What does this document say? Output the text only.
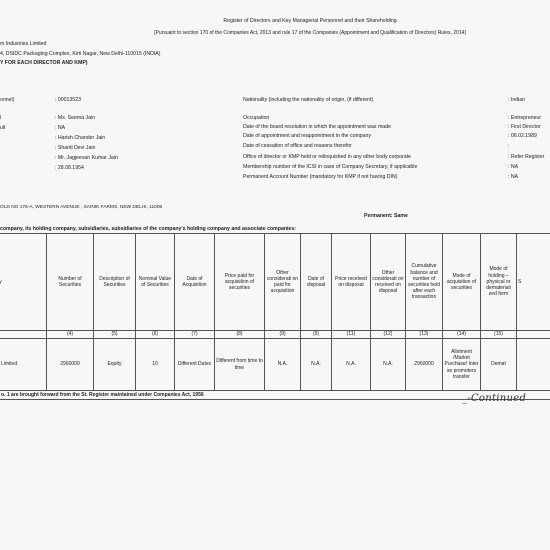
Register of Directors and Key Managerial Personnel and their Shareholding
[Pursuant to section 170 of the Companies Act, 2013 and rule 17 of the Companies (Appointment and Qualification of Directors) Rules, 2014]
m Industries Limited
4, DSIDC Packaging Complex, Kirti Nagar, New Delhi-110015 (INDIA)
Y FOR EACH DIRECTOR AND KMP)
onnel)	: 00013523
l	: Ms. Seema Jain
ull	: NA
: Harish Chander Jain
: Shanti Devi Jain
: Mr. Jagjeevan Kumar Jain
: 28.08.1954
Nationality (including the nationality of origin, (if different)	: Indian
Occupation	: Entrepreneur
Date of the board resolution in which the appointment was made	: First Director
Date of appointment and reappointment in the company	: 06.02.1989
Date of cessation of office and reasons therefor	:
Office of director or KMP held or relinquished in any other body corporate	: Refer Register
Membership number of the ICSI in case of Company Secretary, if applicable	: NA
Permanent Account Number (mandatory for KMP if not having DIN)	: NA
OLD NO 176-A, WESTERN AVENUE , SAINIK FARMS, NEW DELHI, 11006
Permanent: Same
company, its holding company, subsidiaries, subsidiaries of the company's holding company and associate companies:
	Number of Securities	Description of Securities	Nominal Value of Securities	Date of Acquisition	Price paid for acquisition of securities	Other considerati on paid for acquisition	Date of disposal	Price received on disposal	Other considerati on received on disposal	Cumulative balance and number of securities held after each transaction	Mode of acquisition of securities	Mode of holding – physical or demateriali zed form	S
	(4)	(5)	(6)	(7)	(8)	(9)	(9)	(11)	(12)	(13)	(14)	(15)	
Limited	2960000	Equity	10	Different Dates	Different from time to time	N.A.	N.A.	N.A.	N.A.	2960000	Allotment /Market Purchase/ Inter se promoters transfer	Demat	
o. 1 are brought forward from the St. Register maintained under Companies Act, 1956														_-Continued
